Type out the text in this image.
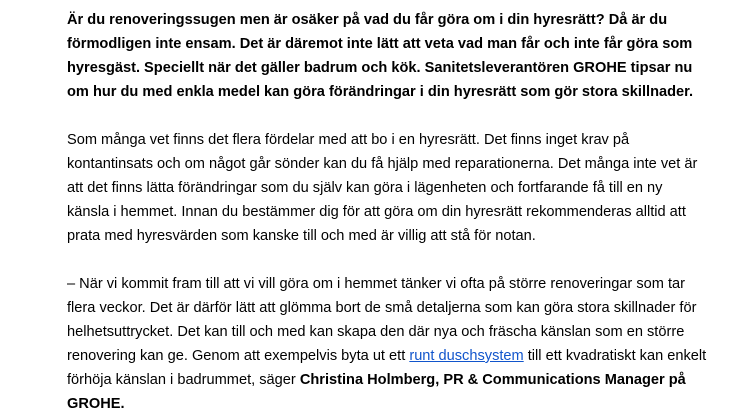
Är du renoveringssugen men är osäker på vad du får göra om i din hyresrätt? Då är du förmodligen inte ensam. Det är däremot inte lätt att veta vad man får och inte får göra som hyresgäst. Speciellt när det gäller badrum och kök. Sanitetsleverantören GROHE tipsar nu om hur du med enkla medel kan göra förändringar i din hyresrätt som gör stora skillnader.

Som många vet finns det flera fördelar med att bo i en hyresrätt. Det finns inget krav på kontantinsats och om något går sönder kan du få hjälp med reparationerna. Det många inte vet är att det finns lätta förändringar som du själv kan göra i lägenheten och fortfarande få till en ny känsla i hemmet. Innan du bestämmer dig för att göra om din hyresrätt rekommenderas alltid att prata med hyresvärden som kanske till och med är villig att stå för notan.

– När vi kommit fram till att vi vill göra om i hemmet tänker vi ofta på större renoveringar som tar flera veckor. Det är därför lätt att glömma bort de små detaljerna som kan göra stora skillnader för helhetsuttrycket. Det kan till och med kan skapa den där nya och fräscha känslan som en större renovering kan ge. Genom att exempelvis byta ut ett runt duschsystem till ett kvadratiskt kan enkelt förhöja känslan i badrummet, säger Christina Holmberg, PR & Communications Manager på GROHE.
